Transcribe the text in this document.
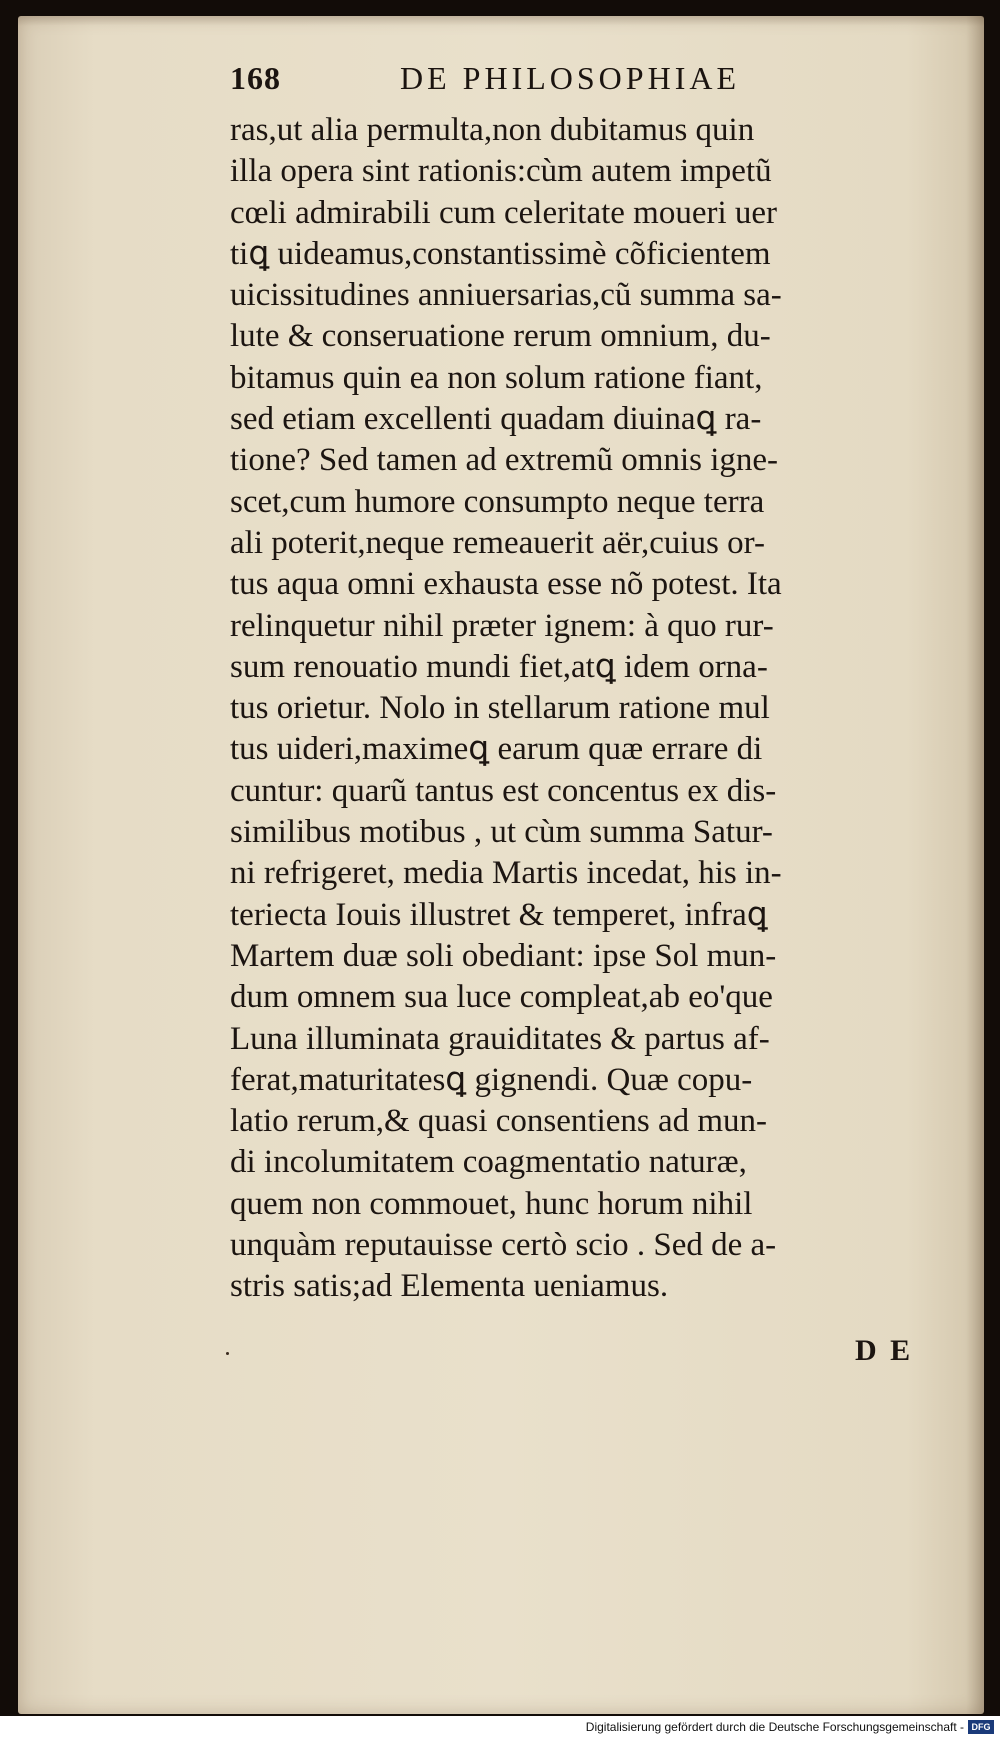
168	DE PHILOSOPHIAE
ras,ut alia permulta,non dubitamus quin
illa opera sint rationis:cùm autem impetũ
cœli admirabili cum celeritate moueri uer
tiꝗ uideamus,constantissimè cõficientem
uicissitudines anniuersarias,cũ summa sa-
lute & conseruatione rerum omnium, du-
bitamus quin ea non solum ratione fiant,
sed etiam excellenti quadam diuinaꝗ ra-
tione? Sed tamen ad extremũ omnis igne-
scet,cum humore consumpto neque terra
ali poterit,neque remeauerit aër,cuius or-
tus aqua omni exhausta esse nõ potest. Ita
relinquetur nihil præter ignem: à quo rur-
sum renouatio mundi fiet,atꝗ idem orna-
tus orietur. Nolo in stellarum ratione mul
tus uideri,maximeꝗ earum quæ errare di
cuntur: quarũ tantus est concentus ex dis-
similibus motibus , ut cùm summa Satur-
ni refrigeret, media Martis incedat, his in-
teriecta Iouis illustret & temperet, infraꝗ
Martem duæ soli obediant: ipse Sol mun-
dum omnem sua luce compleat,ab eo'que
Luna illuminata grauiditates & partus af-
ferat,maturitatesꝗ gignendi. Quæ copu-
latio rerum,& quasi consentiens ad mun-
di incolumitatem coagmentatio naturæ,
quem non commouet, hunc horum nihil
unquàm reputauisse certò scio . Sed de a-
stris satis;ad Elementa ueniamus.
D E
Digitalisierung gefördert durch die Deutsche Forschungsgemeinschaft - DFG
